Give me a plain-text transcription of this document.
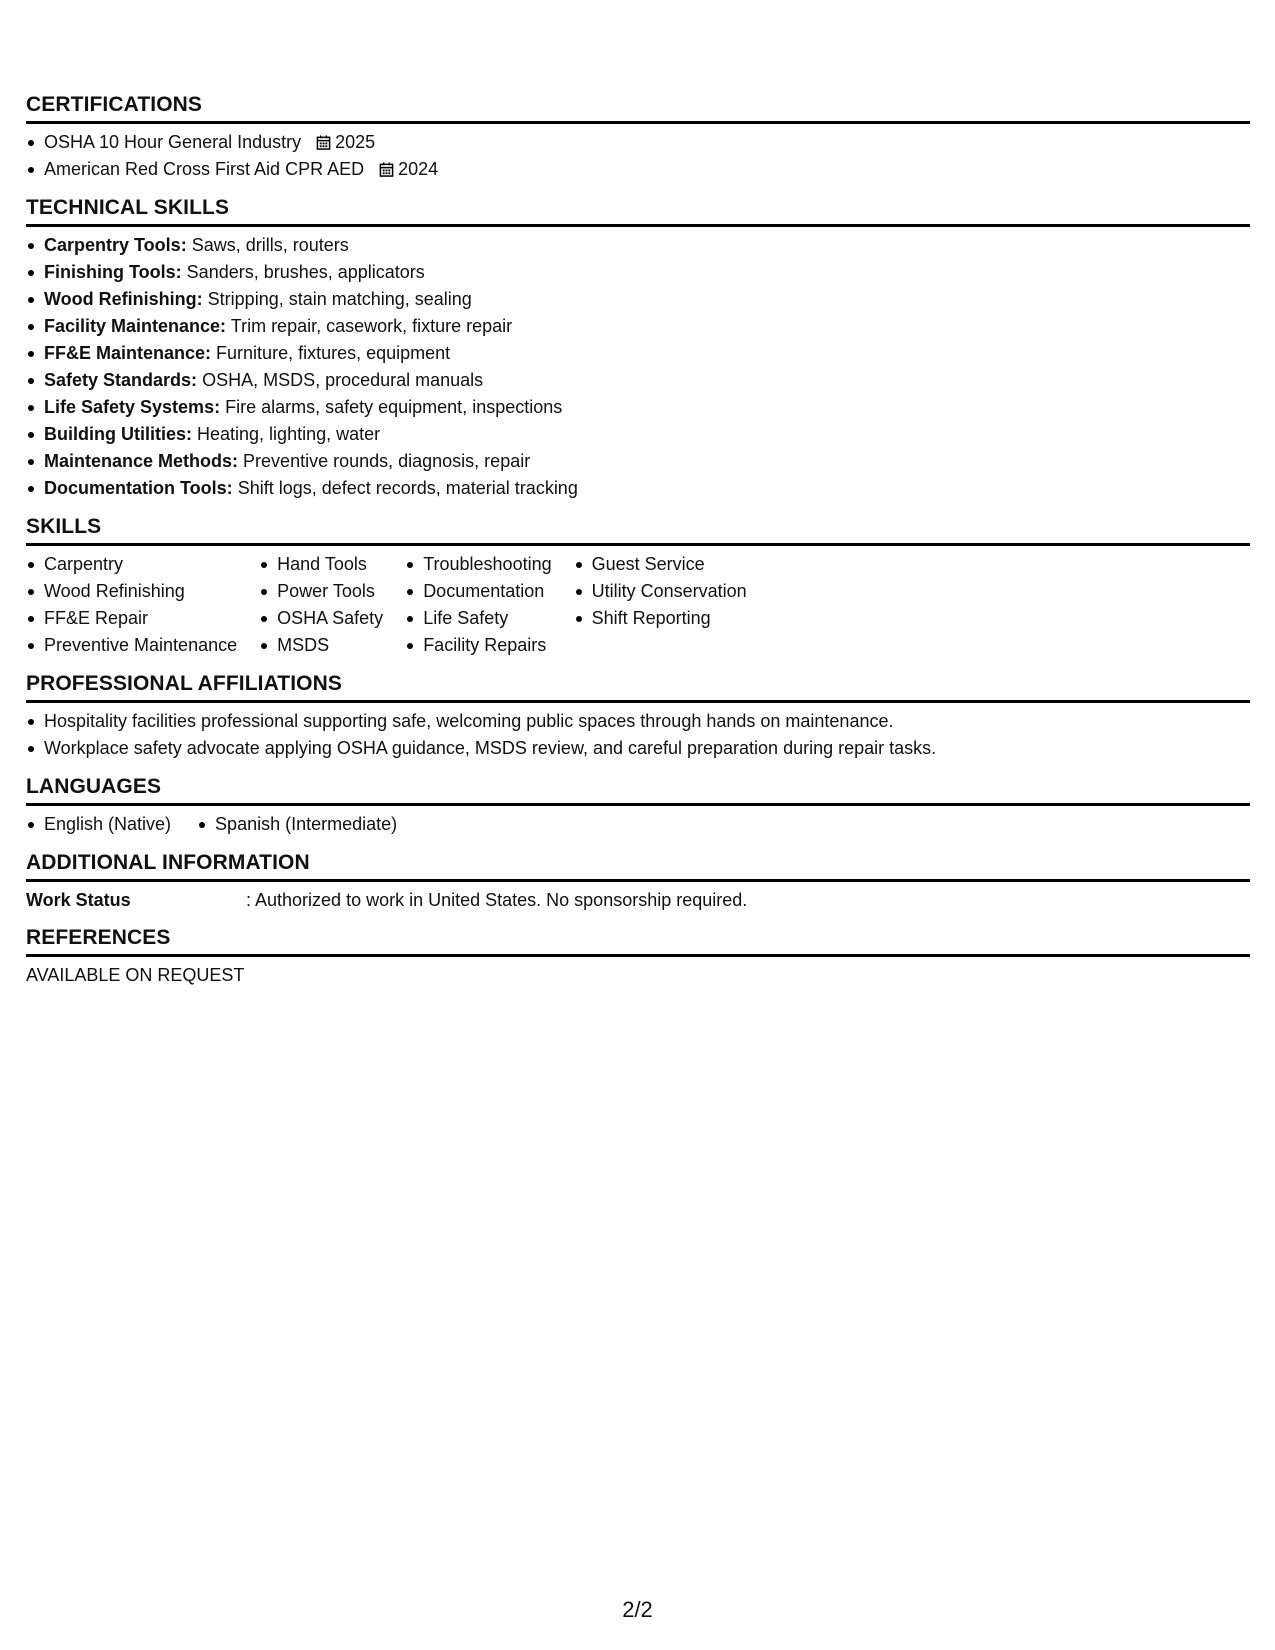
CERTIFICATIONS
OSHA 10 Hour General Industry 2025
American Red Cross First Aid CPR AED 2024
TECHNICAL SKILLS
Carpentry Tools: Saws, drills, routers
Finishing Tools: Sanders, brushes, applicators
Wood Refinishing: Stripping, stain matching, sealing
Facility Maintenance: Trim repair, casework, fixture repair
FF&E Maintenance: Furniture, fixtures, equipment
Safety Standards: OSHA, MSDS, procedural manuals
Life Safety Systems: Fire alarms, safety equipment, inspections
Building Utilities: Heating, lighting, water
Maintenance Methods: Preventive rounds, diagnosis, repair
Documentation Tools: Shift logs, defect records, material tracking
SKILLS
Carpentry
Wood Refinishing
FF&E Repair
Preventive Maintenance
Hand Tools
Power Tools
OSHA Safety
MSDS
Troubleshooting
Documentation
Life Safety
Facility Repairs
Guest Service
Utility Conservation
Shift Reporting
PROFESSIONAL AFFILIATIONS
Hospitality facilities professional supporting safe, welcoming public spaces through hands on maintenance.
Workplace safety advocate applying OSHA guidance, MSDS review, and careful preparation during repair tasks.
LANGUAGES
English (Native)	Spanish (Intermediate)
ADDITIONAL INFORMATION
Work Status	: Authorized to work in United States. No sponsorship required.
REFERENCES
AVAILABLE ON REQUEST
2/2
